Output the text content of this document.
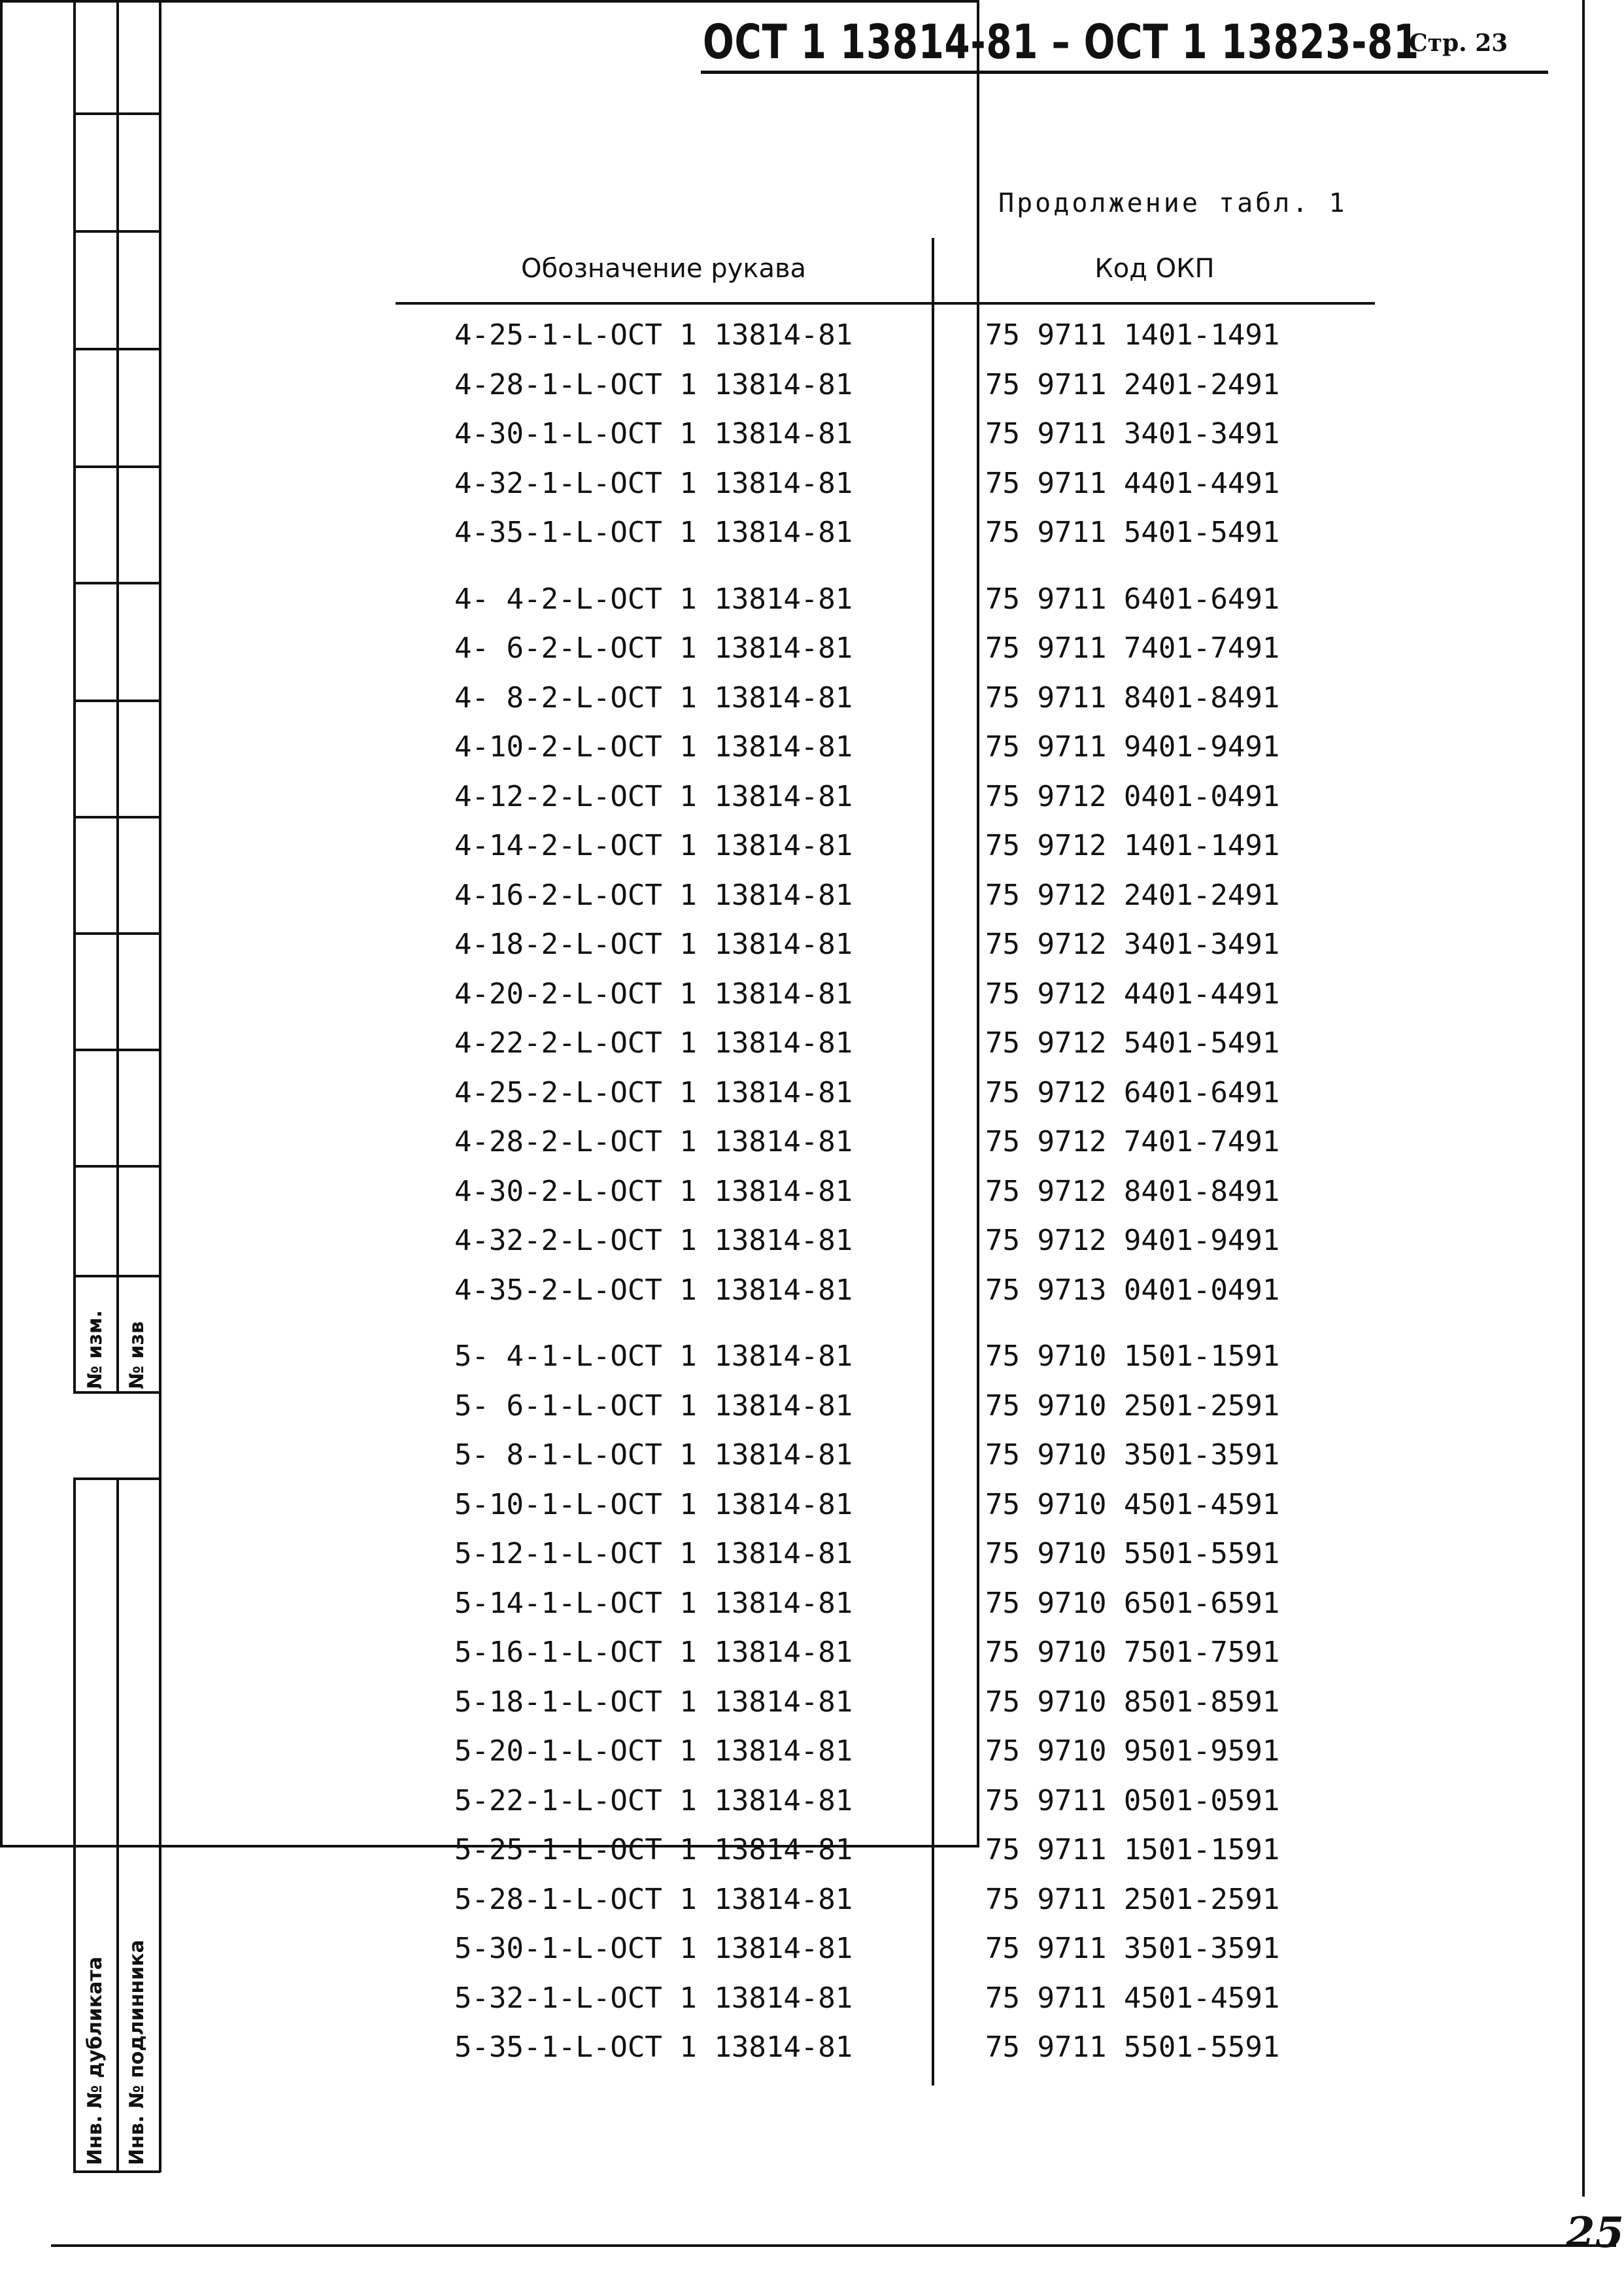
ОСТ 1 13814-81 – ОСТ 1 13823-81
Стр. 23
№ изм. № изв
Инв. № дубликата Инв. № подлинника
Продолжение табл. 1
Обозначение рукава	Код ОКП
4-25-1-L-ОСТ 1 13814-81	75 9711 1401-1491
4-28-1-L-ОСТ 1 13814-81	75 9711 2401-2491
4-30-1-L-ОСТ 1 13814-81	75 9711 3401-3491
4-32-1-L-ОСТ 1 13814-81	75 9711 4401-4491
4-35-1-L-ОСТ 1 13814-81	75 9711 5401-5491
4- 4-2-L-ОСТ 1 13814-81	75 9711 6401-6491
4- 6-2-L-ОСТ 1 13814-81	75 9711 7401-7491
4- 8-2-L-ОСТ 1 13814-81	75 9711 8401-8491
4-10-2-L-ОСТ 1 13814-81	75 9711 9401-9491
4-12-2-L-ОСТ 1 13814-81	75 9712 0401-0491
4-14-2-L-ОСТ 1 13814-81	75 9712 1401-1491
4-16-2-L-ОСТ 1 13814-81	75 9712 2401-2491
4-18-2-L-ОСТ 1 13814-81	75 9712 3401-3491
4-20-2-L-ОСТ 1 13814-81	75 9712 4401-4491
4-22-2-L-ОСТ 1 13814-81	75 9712 5401-5491
4-25-2-L-ОСТ 1 13814-81	75 9712 6401-6491
4-28-2-L-ОСТ 1 13814-81	75 9712 7401-7491
4-30-2-L-ОСТ 1 13814-81	75 9712 8401-8491
4-32-2-L-ОСТ 1 13814-81	75 9712 9401-9491
4-35-2-L-ОСТ 1 13814-81	75 9713 0401-0491
5- 4-1-L-ОСТ 1 13814-81	75 9710 1501-1591
5- 6-1-L-ОСТ 1 13814-81	75 9710 2501-2591
5- 8-1-L-ОСТ 1 13814-81	75 9710 3501-3591
5-10-1-L-ОСТ 1 13814-81	75 9710 4501-4591
5-12-1-L-ОСТ 1 13814-81	75 9710 5501-5591
5-14-1-L-ОСТ 1 13814-81	75 9710 6501-6591
5-16-1-L-ОСТ 1 13814-81	75 9710 7501-7591
5-18-1-L-ОСТ 1 13814-81	75 9710 8501-8591
5-20-1-L-ОСТ 1 13814-81	75 9710 9501-9591
5-22-1-L-ОСТ 1 13814-81	75 9711 0501-0591
5-25-1-L-ОСТ 1 13814-81	75 9711 1501-1591
5-28-1-L-ОСТ 1 13814-81	75 9711 2501-2591
5-30-1-L-ОСТ 1 13814-81	75 9711 3501-3591
5-32-1-L-ОСТ 1 13814-81	75 9711 4501-4591
5-35-1-L-ОСТ 1 13814-81	75 9711 5501-5591
25
